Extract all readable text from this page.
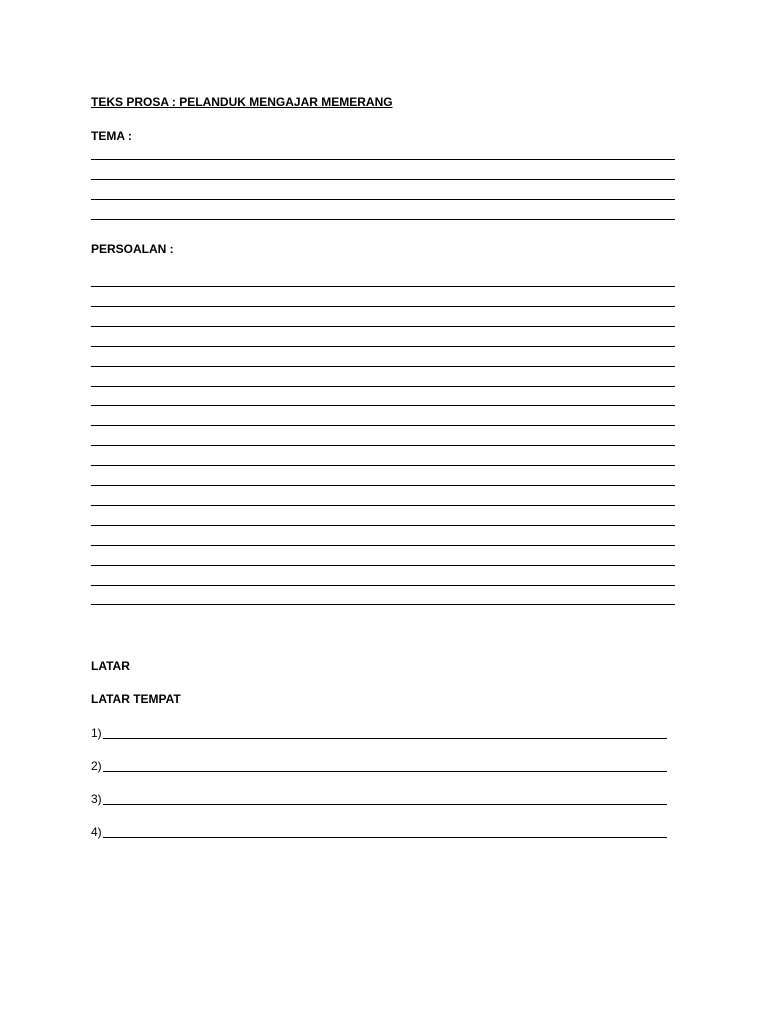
TEKS PROSA : PELANDUK MENGAJAR MEMERANG
TEMA :
PERSOALAN :
LATAR
LATAR TEMPAT
1)
2)
3)
4)
